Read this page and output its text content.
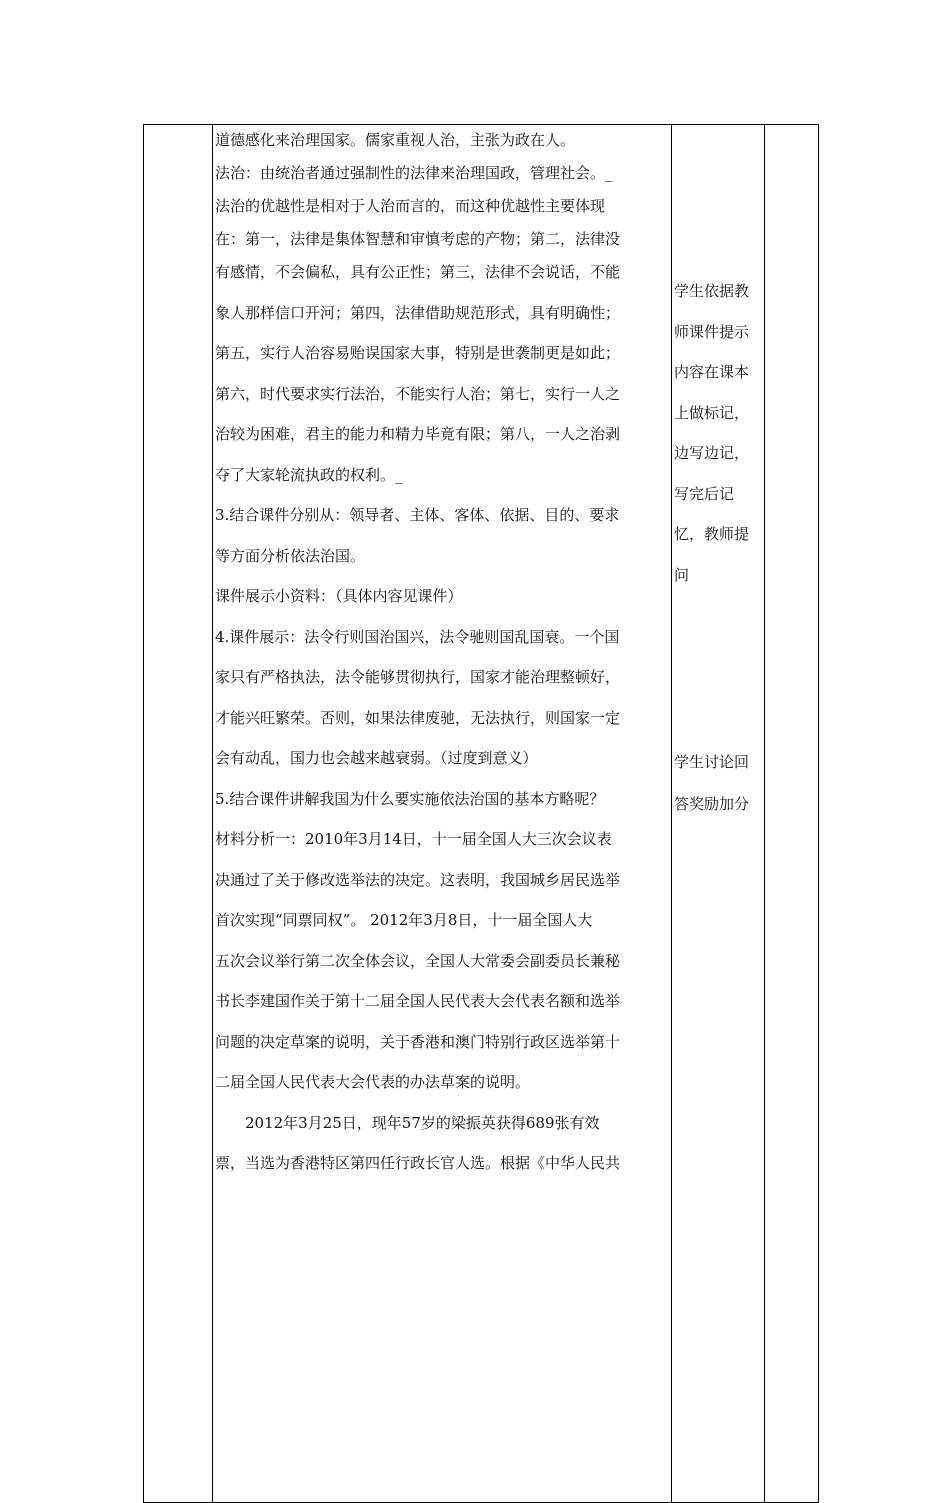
道德感化来治理国家。儒家重视人治，主张为政在人。
法治：由统治者通过强制性的法律来治理国政，管理社会。_
法治的优越性是相对于人治而言的，而这种优越性主要体现
在：第一，法律是集体智慧和审慎考虑的产物；第二，法律没
有感情，不会偏私，具有公正性；第三，法律不会说话，不能
象人那样信口开河；第四，法律借助规范形式，具有明确性；
第五，实行人治容易贻误国家大事，特别是世袭制更是如此；
第六，时代要求实行法治，不能实行人治；第七，实行一人之
治较为困难，君主的能力和精力毕竟有限；第八，一人之治剥
夺了大家轮流执政的权利。_
3.结合课件分别从：领导者、主体、客体、依据、目的、要求
等方面分析依法治国。
课件展示小资料：（具体内容见课件）
4.课件展示：法令行则国治国兴，法令驰则国乱国衰。一个国
家只有严格执法，法令能够贯彻执行，国家才能治理整顿好，
才能兴旺繁荣。否则，如果法律废驰，无法执行，则国家一定
会有动乱，国力也会越来越衰弱。（过度到意义）
5.结合课件讲解我国为什么要实施依法治国的基本方略呢？
材料分析一：2010年3月14日，十一届全国人大三次会议表
决通过了关于修改选举法的决定。这表明，我国城乡居民选举
首次实现“同票同权”。 2012年3月8日，十一届全国人大
五次会议举行第二次全体会议，全国人大常委会副委员长兼秘
书长李建国作关于第十二届全国人民代表大会代表名额和选举
问题的决定草案的说明，关于香港和澳门特别行政区选举第十
二届全国人民代表大会代表的办法草案的说明。
　　2012年3月25日，现年57岁的梁振英获得689张有效
票，当选为香港特区第四任行政长官人选。根据《中华人民共
学生依据教
师课件提示
内容在课本
上做标记，
边写边记，
写完后记
忆，教师提
问
学生讨论回
答奖励加分
